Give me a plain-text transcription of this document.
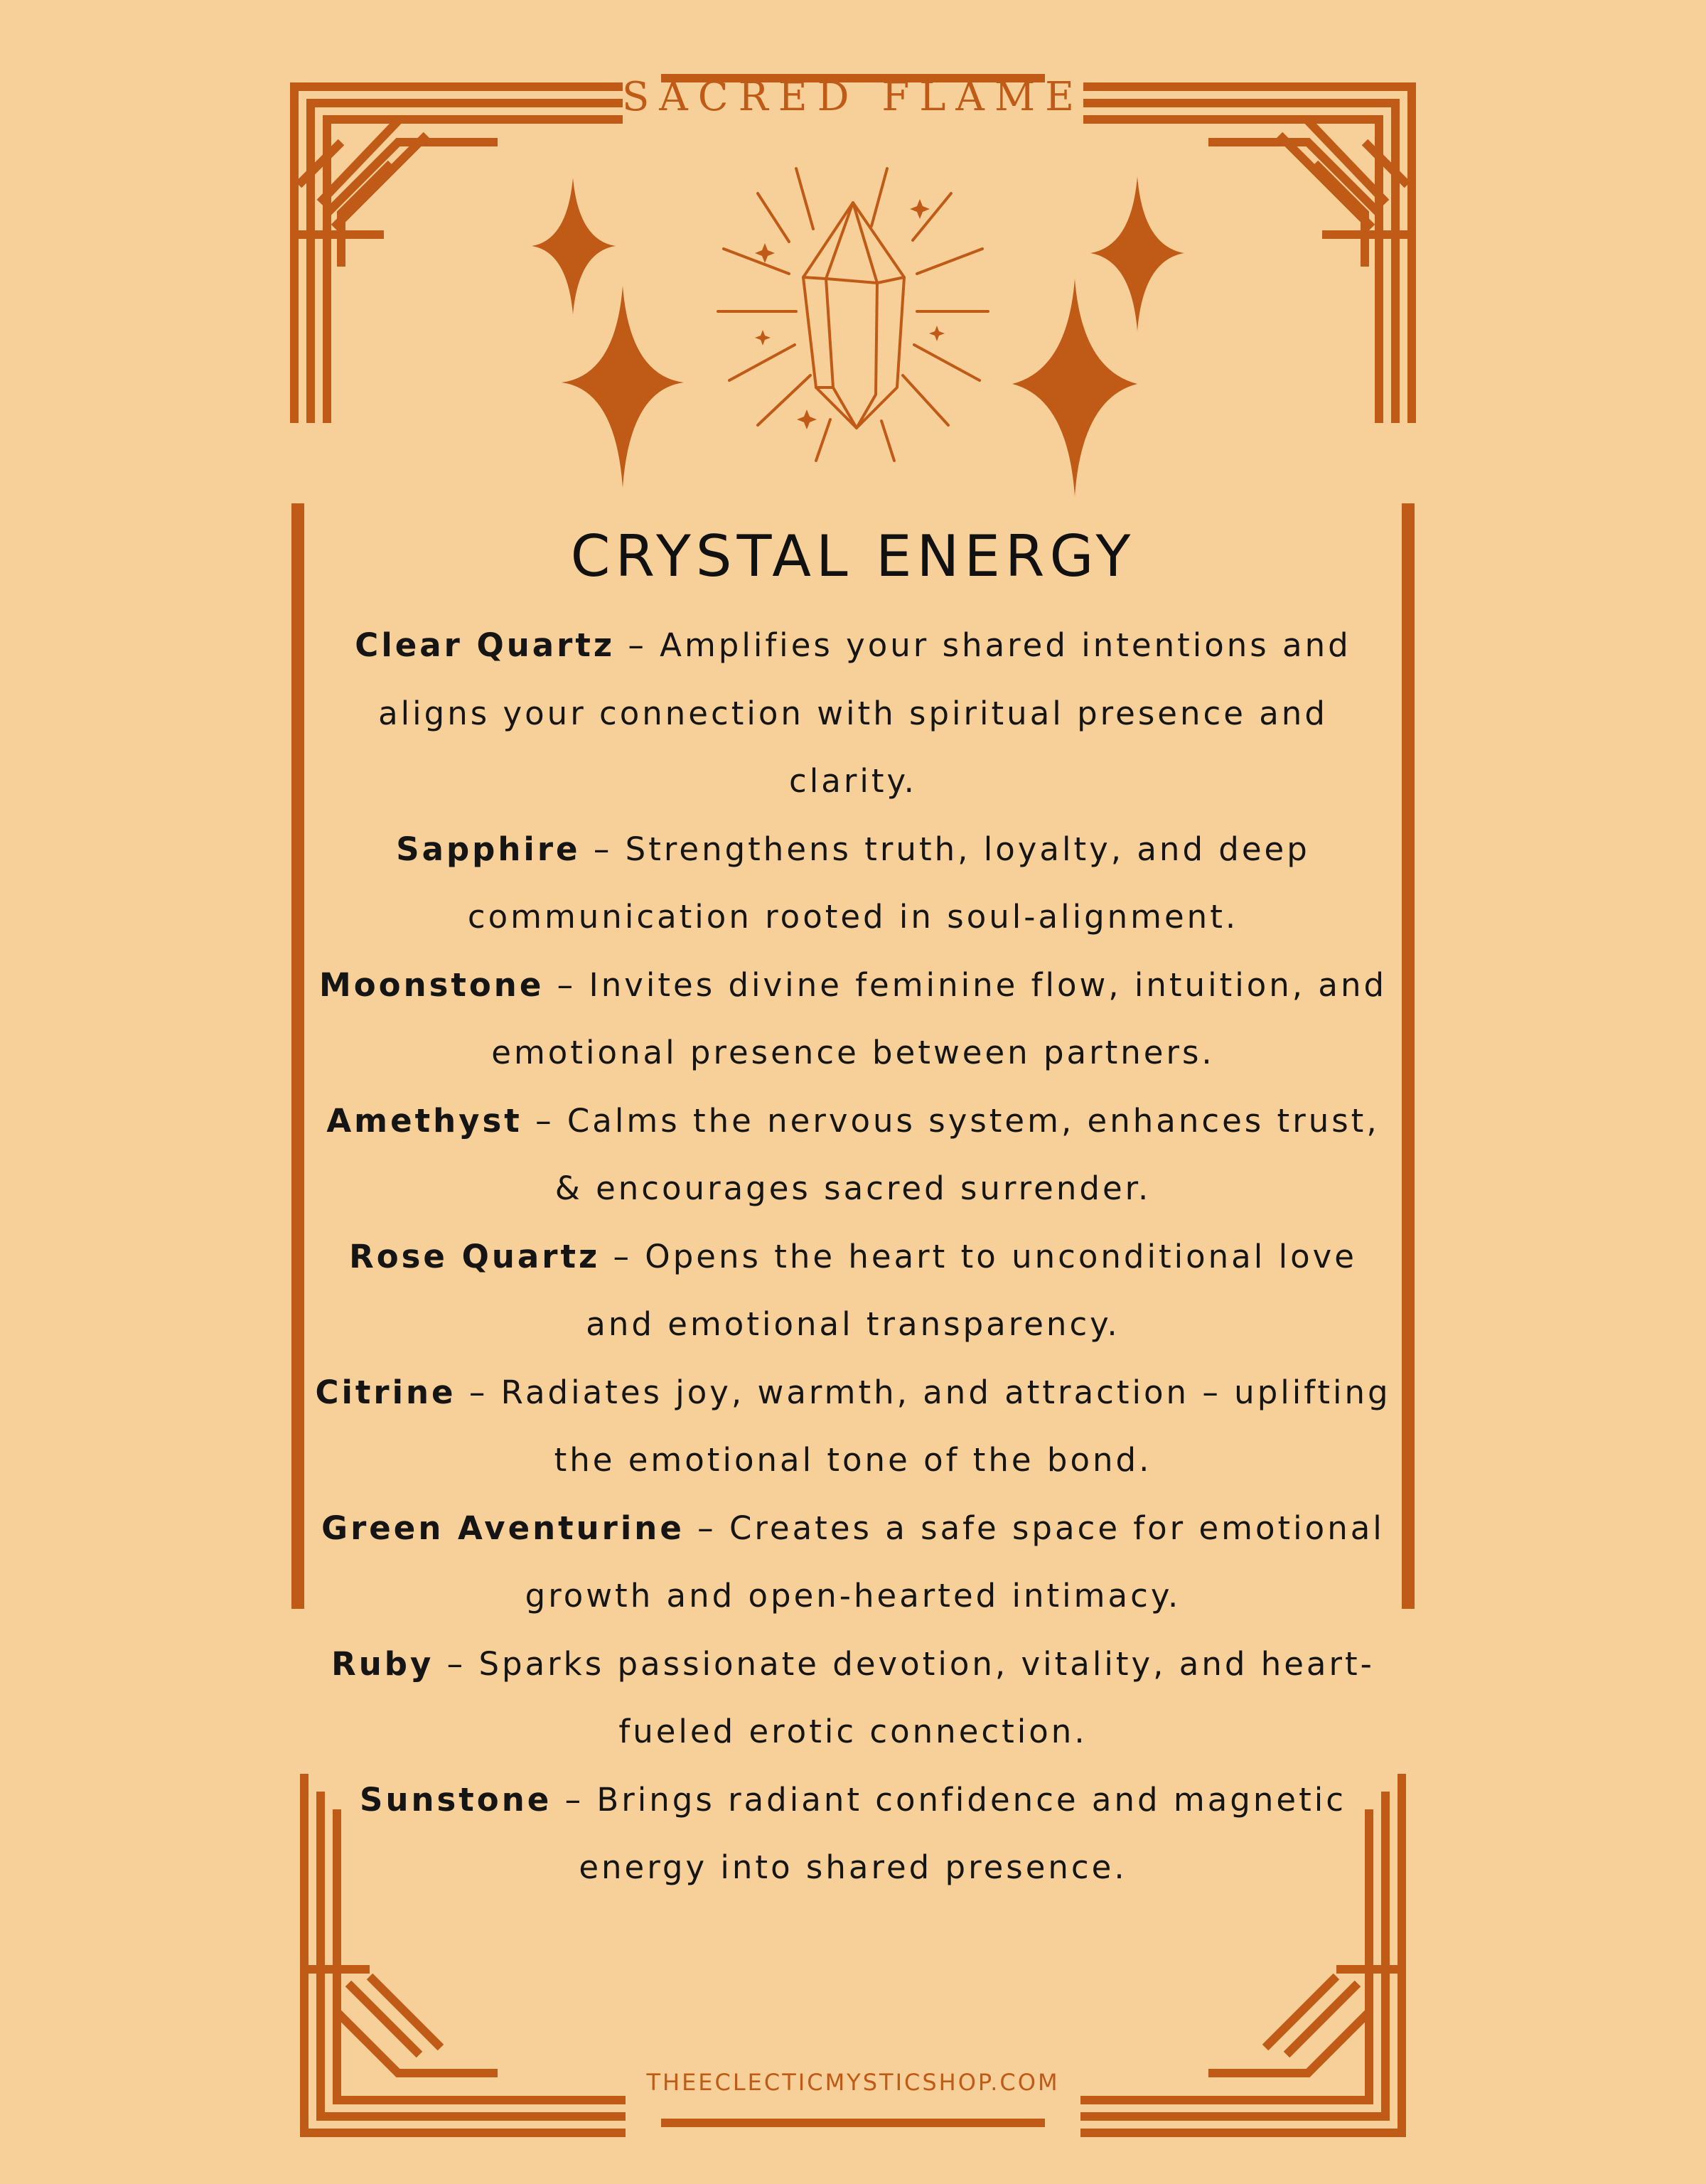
SACRED FLAME
CRYSTAL ENERGY

Clear Quartz – Amplifies your shared intentions and aligns your connection with spiritual presence and clarity.

Sapphire – Strengthens truth, loyalty, and deep communication rooted in soul-alignment.

Moonstone – Invites divine feminine flow, intuition, and emotional presence between partners.

Amethyst – Calms the nervous system, enhances trust, & encourages sacred surrender.

Rose Quartz – Opens the heart to unconditional love and emotional transparency.

Citrine – Radiates joy, warmth, and attraction – uplifting the emotional tone of the bond.

Green Aventurine – Creates a safe space for emotional growth and open-hearted intimacy.

Ruby – Sparks passionate devotion, vitality, and heart-fueled erotic connection.

Sunstone – Brings radiant confidence and magnetic energy into shared presence.

THEECLECTICMYSTICSHOP.COM
